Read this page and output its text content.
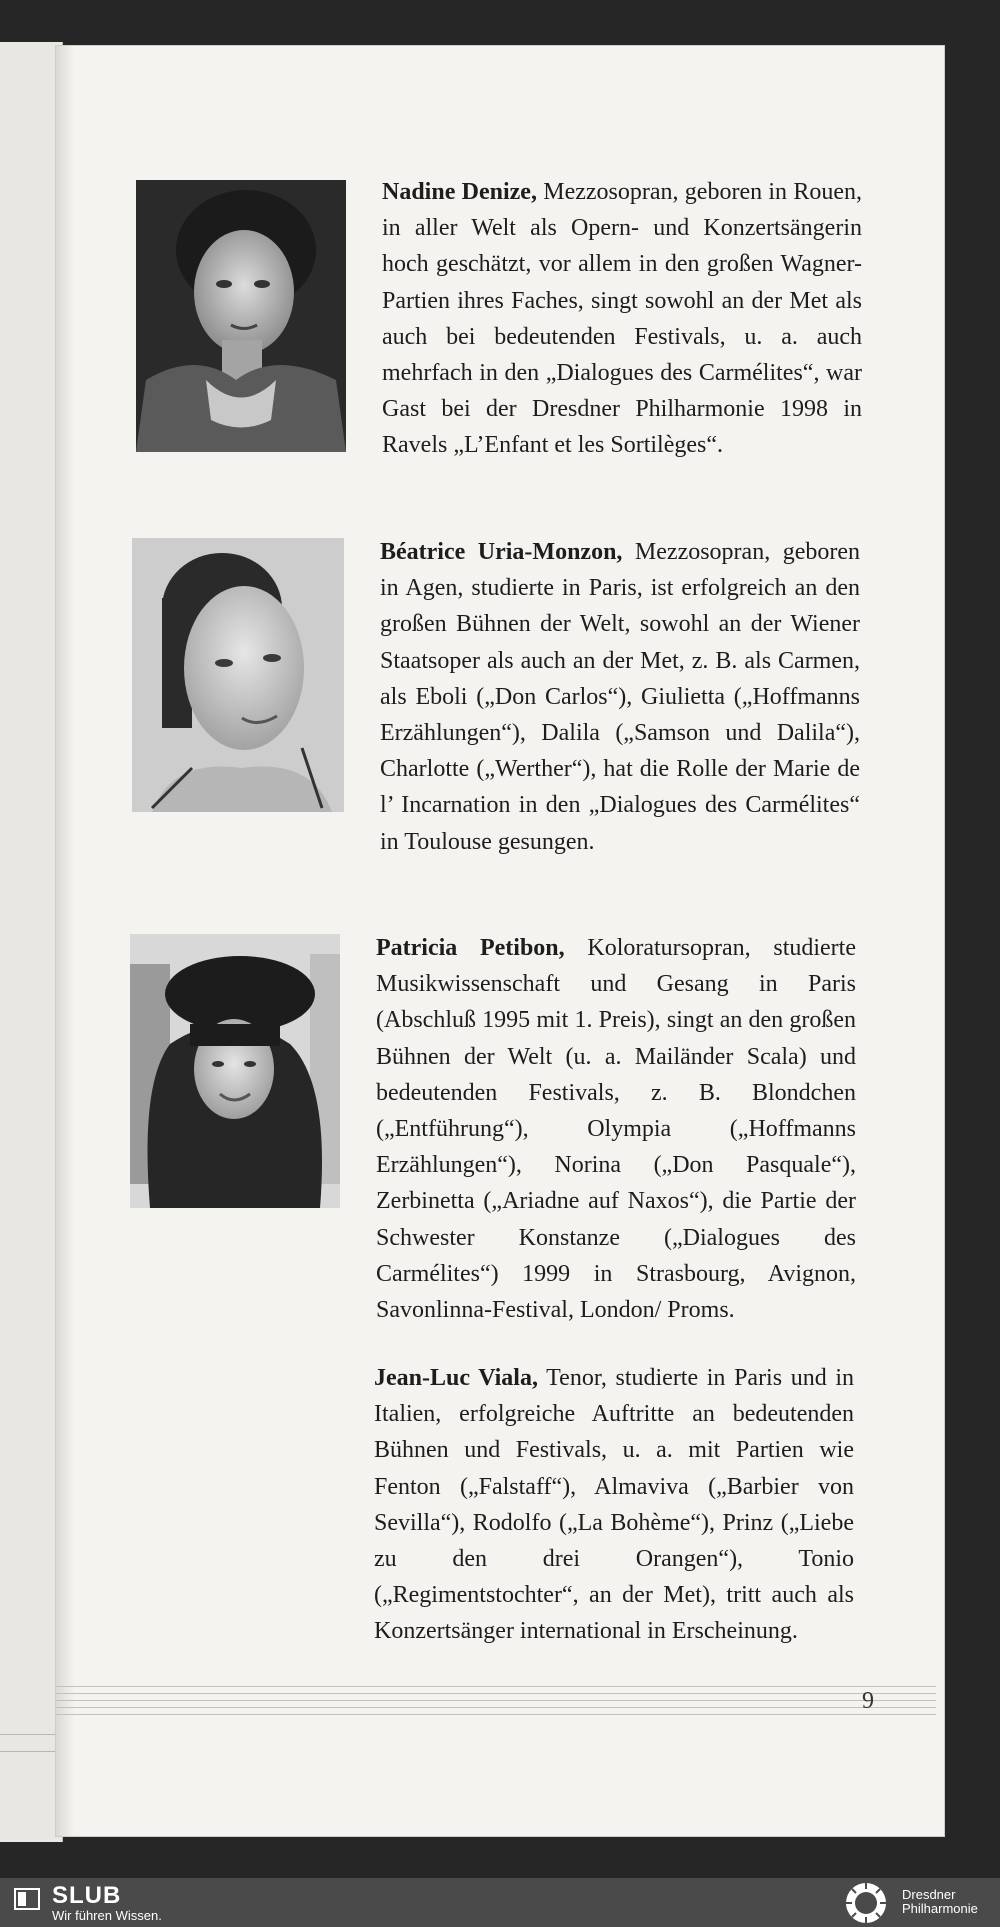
Nadine Denize, Mezzosopran, geboren in Rouen, in aller Welt als Opern- und Konzertsängerin hoch geschätzt, vor allem in den großen Wagner-Partien ihres Faches, singt sowohl an der Met als auch bei bedeutenden Festivals, u. a. auch mehrfach in den „Dialogues des Carmélites“, war Gast bei der Dresdner Philharmonie 1998 in Ravels „L’Enfant et les Sortilèges“.
Béatrice Uria-Monzon, Mezzosopran, geboren in Agen, studierte in Paris, ist erfolgreich an den großen Bühnen der Welt, sowohl an der Wiener Staatsoper als auch an der Met, z. B. als Carmen, als Eboli („Don Carlos“), Giulietta („Hoffmanns Erzählungen“), Dalila („Samson und Dalila“), Charlotte („Werther“), hat die Rolle der Marie de l’ Incarnation in den „Dialogues des Carmélites“ in Toulouse gesungen.
Patricia Petibon, Koloratursopran, studierte Musikwissenschaft und Gesang in Paris (Abschluß 1995 mit 1. Preis), singt an den großen Bühnen der Welt (u. a. Mailänder Scala) und bedeutenden Festivals, z. B. Blondchen („Entführung“), Olympia („Hoffmanns Erzählungen“), Norina („Don Pasquale“), Zerbinetta („Ariadne auf Naxos“), die Partie der Schwester Konstanze („Dialogues des Carmélites“) 1999 in Strasbourg, Avignon, Savonlinna-Festival, London/ Proms.
Jean-Luc Viala, Tenor, studierte in Paris und in Italien, erfolgreiche Auftritte an bedeutenden Bühnen und Festivals, u. a. mit Partien wie Fenton („Falstaff“), Almaviva („Barbier von Sevilla“), Rodolfo („La Bohème“), Prinz („Liebe zu den drei Orangen“), Tonio („Regimentstochter“, an der Met), tritt auch als Konzertsänger international in Erscheinung.
9
SLUB
Wir führen Wissen.
Dresdner Philharmonie
